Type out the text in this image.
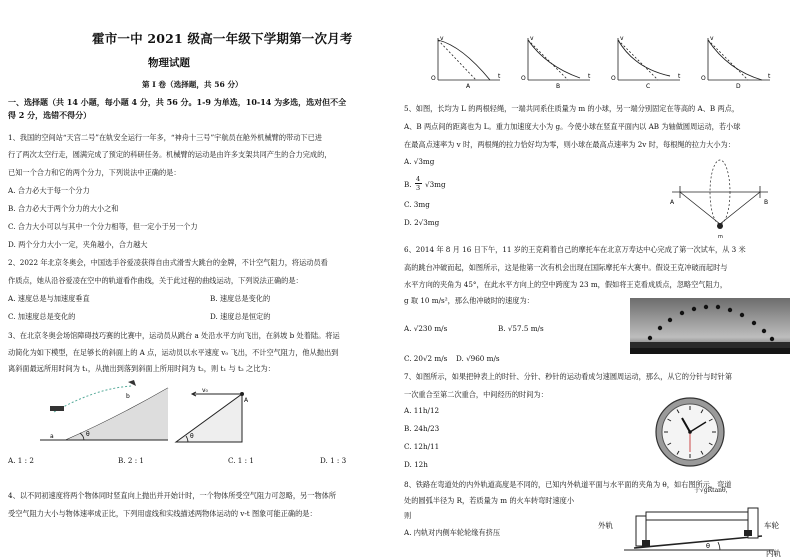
霍市一中 2021 级高一年级下学期第一次月考
物理试题
第 I 卷（选择题，共 56 分）
一、选择题（共 14 小题，每小题 4 分，共 56 分。1-9 为单选，10-14 为多选，选对但不全
得 2 分，选错不得分）
1、我国的空间站“天宫二号”在轨安全运行一年多，“神舟十三号”宇航员在舱外机械臂的带动下已进
行了两次太空行走，圆满完成了预定的科研任务。机械臂的运动是由许多支架共同产生的合力完成的，
已知一个合力和它的两个分力，下列说法中正确的是：
A. 合力必大于每一个分力
B. 合力必大于两个分力的大小之和
C. 合力大小可以与其中一个分力相等，但一定小于另一个力
D. 两个分力大小一定，夹角越小，合力越大
2、2022 年北京冬奥会，中国选手谷爱凌获得自由式滑雪大跳台的金牌，不计空气阻力，将运动员看
作质点，她从沿谷爱凌在空中的轨道看作曲线，关于此过程的曲线运动，下列说法正确的是：
A. 速度总是与加速度垂直	B. 速度总是变化的
C. 加速度总是变化的	D. 速度总是恒定的
3、在北京冬奥会场馆障碍技巧赛的比赛中，运动员从跳台 a 处沿水平方向飞出，在斜坡 b 处着陆。将运
动简化为如下模型，在足够长的斜面上的 A 点，运动员以水平速度 v₀ 飞出，不计空气阻力，他从抛出到
离斜面最远所用时间为 t₁，从抛出到落到斜面上所用时间为 t₂，则 t₁ 与 t₂ 之比为：
a
b
θ
v₀
A
θ
A. 1 : 2	B. 2 : 1	C. 1 : 1	D. 1 : 3
4、以不同初速度将两个物体同时竖直向上抛出并开始计时，一个物体所受空气阻力可忽略，另一物体所
受空气阻力大小与物体速率成正比，下列用虚线和实线描述两物体运动的 v-t 图象可能正确的是：
O
v
t
A
O
v
t
B
O
v
t
C
O
v
t
D
5、如图，长均为 L 的两根轻绳，一端共同系住质量为 m 的小球，另一端分别固定在等高的 A、B 两点，
A、B 两点间的距离也为 L。重力加速度大小为 g。今使小球在竖直平面内以 AB 为轴做圆周运动，若小球
在最高点速率为 v 时，两根绳的拉力恰好均为零，则小球在最高点速率为 2v 时，每根绳的拉力大小为：
A. √3mg
B.
4
3 √3mg
C. 3mg
D. 2√3mg
A	B
m
6、2014 年 8 月 16 日下午，11 岁的王克莉着自己的摩托车在北京万寿达中心完成了第一次试车，从 3 米
高的跳台冲破而起，如图所示，这是他第一次有机会出现在国际摩托车大赛中。假设王克冲破而起时与
水平方向的夹角为 45°，在此水平方向上的空中跨度为 23 m，假如将王克看成质点，忽略空气阻力，
g 取 10 m/s²，那么他冲破时的速度为：
A. √230 m/s	B. √57.5 m/s
C. 20√2 m/s D. √960 m/s
7、如图所示，如果把钟表上的时针、分针、秒针的运动看成匀速圆周运动，那么，从它的分针与时针第
一次重合至第二次重合，中间经历的时间为：
A. 11h/12
B. 24h/23
C. 12h/11
D. 12h
8、铁路在弯道处的内外轨道高度是不同的，已知内外轨道平面与水平面的夹角为 θ，如右图所示，弯道
处的圆弧半径为 R，若质量为 m 的火车转弯时速度小
于√gRtanθ，
则
A. 内轨对内侧车轮轮缘有挤压
外轨	车轮
内轨
θ
